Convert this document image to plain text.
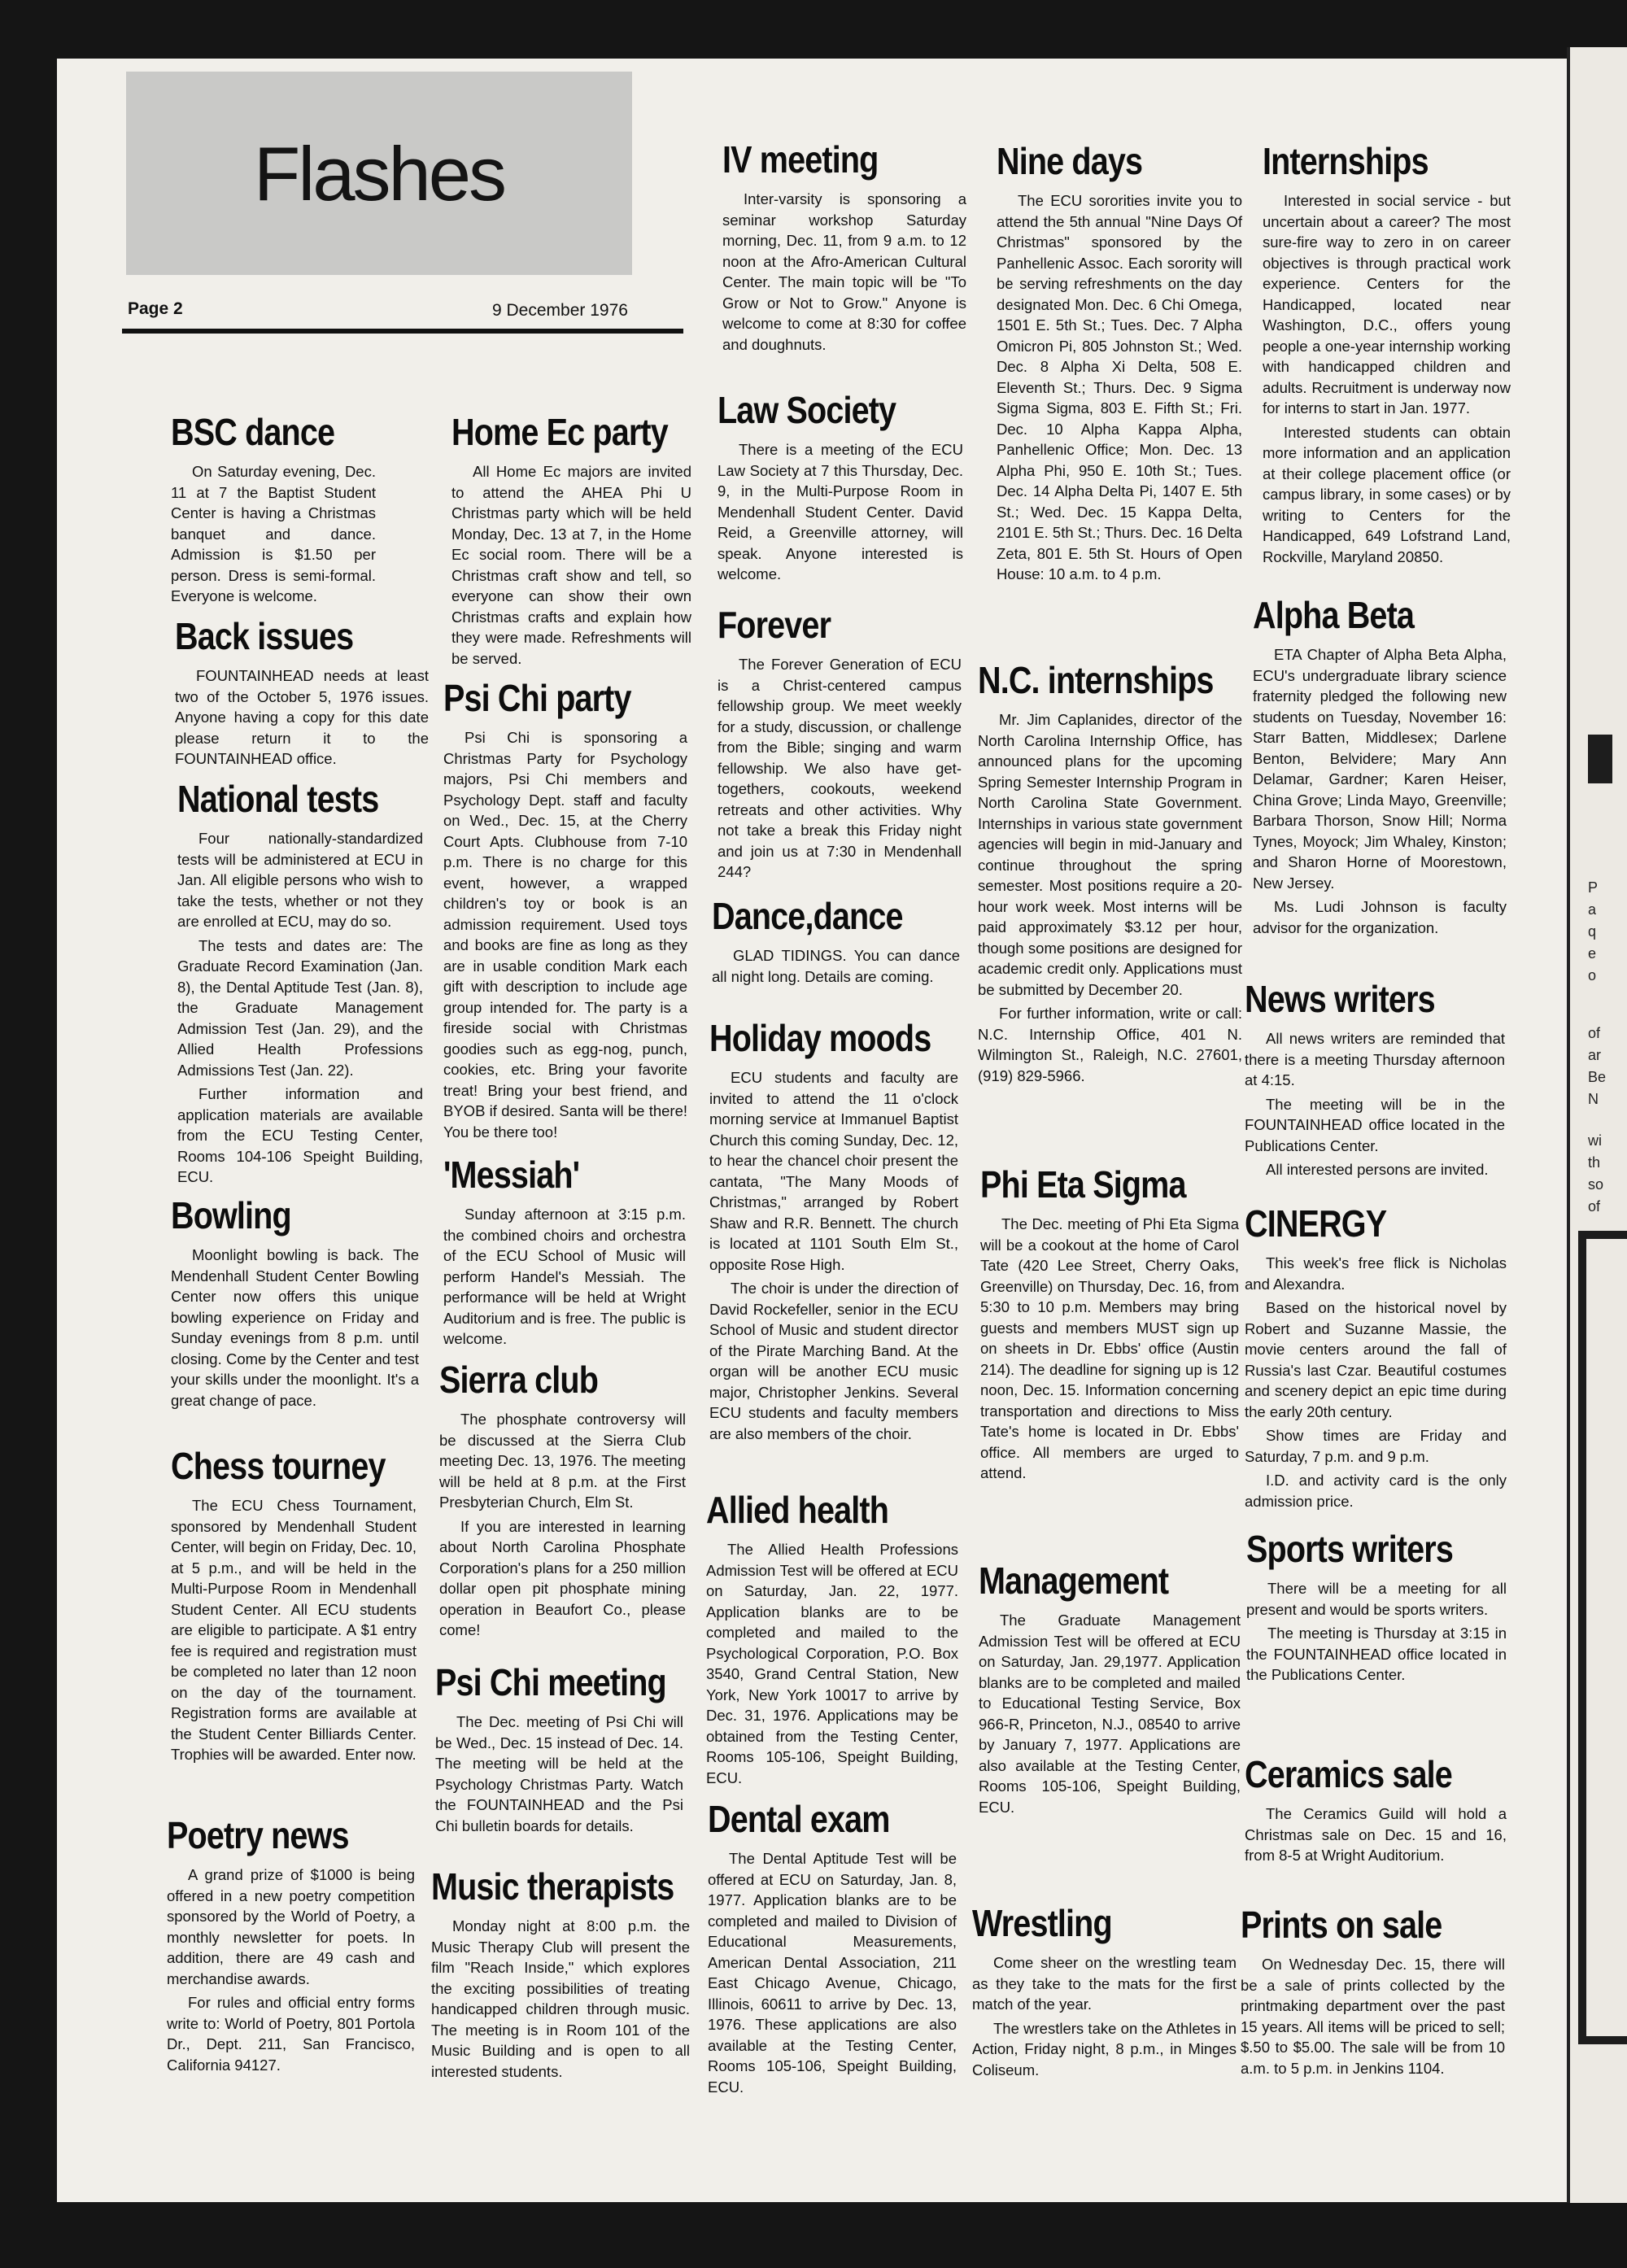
P
a
q
e
o
of
ar
Be
N
wi
th
so
of
Flashes
Page 2	9 December 1976
BSC dance

On Saturday evening, Dec. 11 at 7 the Baptist Student Center is having a Christmas banquet and dance. Admission is $1.50 per person. Dress is semi-formal. Everyone is welcome.

Back issues

FOUNTAINHEAD needs at least two of the October 5, 1976 issues. Anyone having a copy for this date please return it to the FOUNTAINHEAD office.

National tests

Four nationally-standardized tests will be administered at ECU in Jan. All eligible persons who wish to take the tests, whether or not they are enrolled at ECU, may do so.

The tests and dates are: The Graduate Record Examination (Jan. 8), the Dental Aptitude Test (Jan. 8), the Graduate Management Admission Test (Jan. 29), and the Allied Health Professions Admissions Test (Jan. 22).

Further information and application materials are available from the ECU Testing Center, Rooms 104-106 Speight Building, ECU.

Bowling

Moonlight bowling is back. The Mendenhall Student Center Bowling Center now offers this unique bowling experience on Friday and Sunday evenings from 8 p.m. until closing. Come by the Center and test your skills under the moonlight. It's a great change of pace.

Chess tourney

The ECU Chess Tournament, sponsored by Mendenhall Student Center, will begin on Friday, Dec. 10, at 5 p.m., and will be held in the Multi-Purpose Room in Mendenhall Student Center. All ECU students are eligible to participate. A $1 entry fee is required and registration must be completed no later than 12 noon on the day of the tournament. Registration forms are available at the Student Center Billiards Center. Trophies will be awarded. Enter now.

Poetry news

A grand prize of $1000 is being offered in a new poetry competition sponsored by the World of Poetry, a monthly newsletter for poets. In addition, there are 49 cash and merchandise awards.

For rules and official entry forms write to: World of Poetry, 801 Portola Dr., Dept. 211, San Francisco, California 94127.

Home Ec party

All Home Ec majors are invited to attend the AHEA Phi U Christmas party which will be held Monday, Dec. 13 at 7, in the Home Ec social room. There will be a Christmas craft show and tell, so everyone can show their own Christmas crafts and explain how they were made. Refreshments will be served.

Psi Chi party

Psi Chi is sponsoring a Christmas Party for Psychology majors, Psi Chi members and Psychology Dept. staff and faculty on Wed., Dec. 15, at the Cherry Court Apts. Clubhouse from 7-10 p.m. There is no charge for this event, however, a wrapped children's toy or book is an admission requirement. Used toys and books are fine as long as they are in usable condition Mark each gift with description to include age group intended for. The party is a fireside social with Christmas goodies such as egg-nog, punch, cookies, etc. Bring your favorite treat! Bring your best friend, and BYOB if desired. Santa will be there! You be there too!

'Messiah'

Sunday afternoon at 3:15 p.m. the combined choirs and orchestra of the ECU School of Music will perform Handel's Messiah. The performance will be held at Wright Auditorium and is free. The public is welcome.

Sierra club

The phosphate controversy will be discussed at the Sierra Club meeting Dec. 13, 1976. The meeting will be held at 8 p.m. at the First Presbyterian Church, Elm St.

If you are interested in learning about North Carolina Phosphate Corporation's plans for a 250 million dollar open pit phosphate mining operation in Beaufort Co., please come!

Psi Chi meeting

The Dec. meeting of Psi Chi will be Wed., Dec. 15 instead of Dec. 14. The meeting will be held at the Psychology Christmas Party. Watch the FOUNTAINHEAD and the Psi Chi bulletin boards for details.

Music therapists

Monday night at 8:00 p.m. the Music Therapy Club will present the film "Reach Inside," which explores the exciting possibilities of treating handicapped children through music. The meeting is in Room 101 of the Music Building and is open to all interested students.

IV meeting

Inter-varsity is sponsoring a seminar workshop Saturday morning, Dec. 11, from 9 a.m. to 12 noon at the Afro-American Cultural Center. The main topic will be "To Grow or Not to Grow." Anyone is welcome to come at 8:30 for coffee and doughnuts.

Law Society

There is a meeting of the ECU Law Society at 7 this Thursday, Dec. 9, in the Multi-Purpose Room in Mendenhall Student Center. David Reid, a Greenville attorney, will speak. Anyone interested is welcome.

Forever

The Forever Generation of ECU is a Christ-centered campus fellowship group. We meet weekly for a study, discussion, or challenge from the Bible; singing and warm fellowship. We also have get-togethers, cookouts, weekend retreats and other activities. Why not take a break this Friday night and join us at 7:30 in Mendenhall 244?

Dance,dance

GLAD TIDINGS. You can dance all night long. Details are coming.

Holiday moods

ECU students and faculty are invited to attend the 11 o'clock morning service at Immanuel Baptist Church this coming Sunday, Dec. 12, to hear the chancel choir present the cantata, "The Many Moods of Christmas," arranged by Robert Shaw and R.R. Bennett. The church is located at 1101 South Elm St., opposite Rose High.

The choir is under the direction of David Rockefeller, senior in the ECU School of Music and student director of the Pirate Marching Band. At the organ will be another ECU music major, Christopher Jenkins. Several ECU students and faculty members are also members of the choir.

Allied health

The Allied Health Professions Admission Test will be offered at ECU on Saturday, Jan. 22, 1977. Application blanks are to be completed and mailed to the Psychological Corporation, P.O. Box 3540, Grand Central Station, New York, New York 10017 to arrive by Dec. 31, 1976. Applications may be obtained from the Testing Center, Rooms 105-106, Speight Building, ECU.

Dental exam

The Dental Aptitude Test will be offered at ECU on Saturday, Jan. 8, 1977. Application blanks are to be completed and mailed to Division of Educational Measurements, American Dental Association, 211 East Chicago Avenue, Chicago, Illinois, 60611 to arrive by Dec. 13, 1976. These applications are also available at the Testing Center, Rooms 105-106, Speight Building, ECU.

Nine days

The ECU sororities invite you to attend the 5th annual "Nine Days Of Christmas" sponsored by the Panhellenic Assoc. Each sorority will be serving refreshments on the day designated Mon. Dec. 6 Chi Omega, 1501 E. 5th St.; Tues. Dec. 7 Alpha Omicron Pi, 805 Johnston St.; Wed. Dec. 8 Alpha Xi Delta, 508 E. Eleventh St.; Thurs. Dec. 9 Sigma Sigma Sigma, 803 E. Fifth St.; Fri. Dec. 10 Alpha Kappa Alpha, Panhellenic Office; Mon. Dec. 13 Alpha Phi, 950 E. 10th St.; Tues. Dec. 14 Alpha Delta Pi, 1407 E. 5th St.; Wed. Dec. 15 Kappa Delta, 2101 E. 5th St.; Thurs. Dec. 16 Delta Zeta, 801 E. 5th St. Hours of Open House: 10 a.m. to 4 p.m.

N.C. internships

Mr. Jim Caplanides, director of the North Carolina Internship Office, has announced plans for the upcoming Spring Semester Internship Program in North Carolina State Government. Internships in various state government agencies will begin in mid-January and continue throughout the spring semester. Most positions require a 20-hour work week. Most interns will be paid approximately $3.12 per hour, though some positions are designed for academic credit only. Applications must be submitted by December 20.

For further information, write or call: N.C. Internship Office, 401 N. Wilmington St., Raleigh, N.C. 27601, (919) 829-5966.

Phi Eta Sigma

The Dec. meeting of Phi Eta Sigma will be a cookout at the home of Carol Tate (420 Lee Street, Cherry Oaks, Greenville) on Thursday, Dec. 16, from 5:30 to 10 p.m. Members may bring guests and members MUST sign up on sheets in Dr. Ebbs' office (Austin 214). The deadline for signing up is 12 noon, Dec. 15. Information concerning transportation and directions to Miss Tate's home is located in Dr. Ebbs' office. All members are urged to attend.

Management

The Graduate Management Admission Test will be offered at ECU on Saturday, Jan. 29,1977. Application blanks are to be completed and mailed to Educational Testing Service, Box 966-R, Princeton, N.J., 08540 to arrive by January 7, 1977. Applications are also available at the Testing Center, Rooms 105-106, Speight Building, ECU.

Wrestling

Come sheer on the wrestling team as they take to the mats for the first match of the year.

The wrestlers take on the Athletes in Action, Friday night, 8 p.m., in Minges Coliseum.

Internships

Interested in social service - but uncertain about a career? The most sure-fire way to zero in on career objectives is through practical work experience. Centers for the Handicapped, located near Washington, D.C., offers young people a one-year internship working with handicapped children and adults. Recruitment is underway now for interns to start in Jan. 1977.

Interested students can obtain more information and an application at their college placement office (or campus library, in some cases) or by writing to Centers for the Handicapped, 649 Lofstrand Land, Rockville, Maryland 20850.

Alpha Beta

ETA Chapter of Alpha Beta Alpha, ECU's undergraduate library science fraternity pledged the following new students on Tuesday, November 16: Starr Batten, Middlesex; Darlene Benton, Belvidere; Mary Ann Delamar, Gardner; Karen Heiser, China Grove; Linda Mayo, Greenville; Barbara Thorson, Snow Hill; Norma Tynes, Moyock; Jim Whaley, Kinston; and Sharon Horne of Moorestown, New Jersey.

Ms. Ludi Johnson is faculty advisor for the organization.

News writers

All news writers are reminded that there is a meeting Thursday afternoon at 4:15.

The meeting will be in the FOUNTAINHEAD office located in the Publications Center.

All interested persons are invited.

CINERGY

This week's free flick is Nicholas and Alexandra.

Based on the historical novel by Robert and Suzanne Massie, the movie centers around the fall of Russia's last Czar. Beautiful costumes and scenery depict an epic time during the early 20th century.

Show times are Friday and Saturday, 7 p.m. and 9 p.m.

I.D. and activity card is the only admission price.

Sports writers

There will be a meeting for all present and would be sports writers.

The meeting is Thursday at 3:15 in the FOUNTAINHEAD office located in the Publications Center.

Ceramics sale

The Ceramics Guild will hold a Christmas sale on Dec. 15 and 16, from 8-5 at Wright Auditorium.

Prints on sale

On Wednesday Dec. 15, there will be a sale of prints collected by the printmaking department over the past 15 years. All items will be priced to sell; $.50 to $5.00. The sale will be from 10 a.m. to 5 p.m. in Jenkins 1104.
